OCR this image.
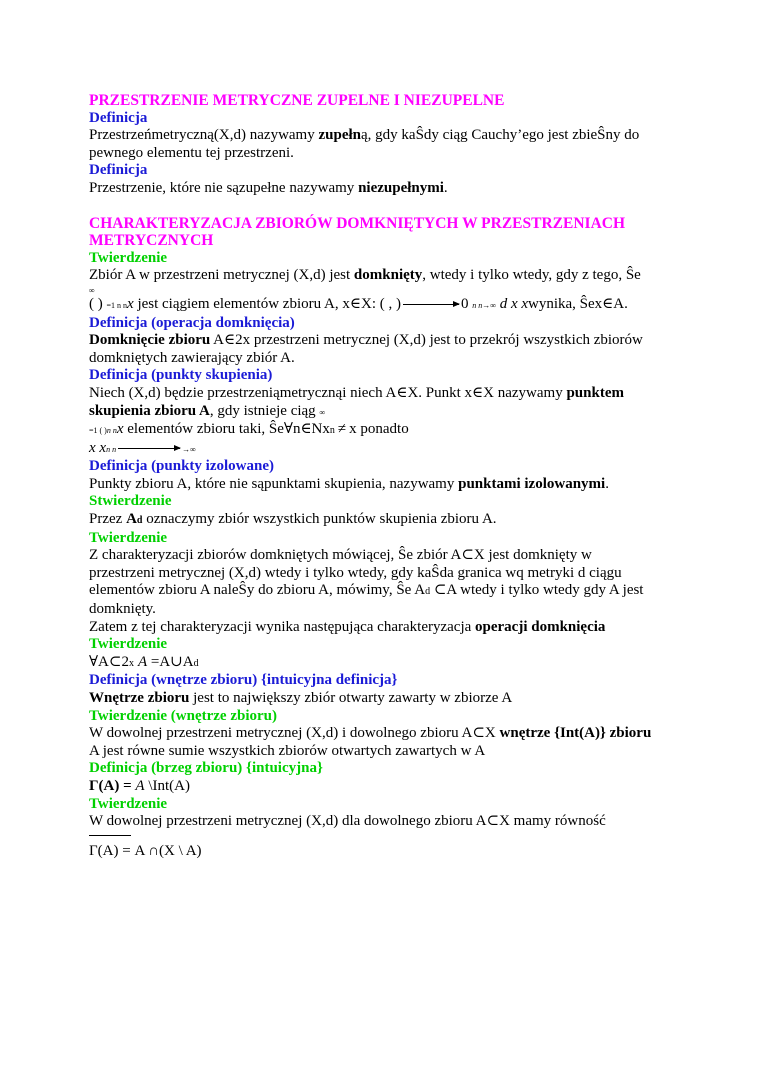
PRZESTRZENIE METRYCZNE ZUPELNE I NIEZUPELNE
Definicja
Przestrzeńmetryczną(X,d) nazywamy zupełną, gdy kaŜdy ciąg Cauchy’ego jest zbieŜny do
pewnego elementu tej przestrzeni.
Definicja
Przestrzenie, które nie sązupełne nazywamy niezupełnymi.
CHARAKTERYZACJA ZBIORÓW DOMKNIĘTYCH W PRZESTRZENIACH
METRYCZNYCH
Twierdzenie
Zbiór A w przestrzeni metrycznej (X,d) jest domknięty, wtedy i tylko wtedy, gdy z tego, Ŝe
∞
( ) =1 n nx jest ciągiem elementów zbioru A, x∈X: ( , )	0 n n→∞ d x xwynika, Ŝex∈A.
Definicja (operacja domknięcia)
Domknięcie zbioru A∈2x przestrzeni metrycznej (X,d) jest to przekrój wszystkich zbiorów
domkniętych zawierający zbiór A.
Definicja (punkty skupienia)
Niech (X,d) będzie przestrzeniąmetrycznąi niech A∈X. Punkt x∈X nazywamy punktem
skupienia zbioru A, gdy istnieje ciąg ∞
=1 ( )n nx elementów zbioru taki, Ŝe∀n∈Nxn ≠ x ponadto
x xn n	→∞
Definicja (punkty izolowane)
Punkty zbioru A, które nie sąpunktami skupienia, nazywamy punktami izolowanymi.
Stwierdzenie
Przez Ad oznaczymy zbiór wszystkich punktów skupienia zbioru A.
Twierdzenie
Z charakteryzacji zbiorów domkniętych mówiącej, Ŝe zbiór A⊂X jest domknięty w
przestrzeni metrycznej (X,d) wtedy i tylko wtedy, gdy kaŜda granica wq metryki d ciągu
elementów zbioru A naleŜy do zbioru A, mówimy, Ŝe Ad ⊂A wtedy i tylko wtedy gdy A jest
domknięty.
Zatem z tej charakteryzacji wynika następująca charakteryzacja operacji domknięcia
Twierdzenie
∀A⊂2x A =A∪Ad
Definicja (wnętrze zbioru) {intuicyjna definicja}
Wnętrze zbioru jest to największy zbiór otwarty zawarty w zbiorze A
Twierdzenie (wnętrze zbioru)
W dowolnej przestrzeni metrycznej (X,d) i dowolnego zbioru A⊂X wnętrze {Int(A)} zbioru
A jest równe sumie wszystkich zbiorów otwartych zawartych w A
Definicja (brzeg zbioru) {intuicyjna}
Γ(A) = A \Int(A)
Twierdzenie
W dowolnej przestrzeni metrycznej (X,d) dla dowolnego zbioru A⊂X mamy równość
Γ(A) = A ∩(X \ A)
